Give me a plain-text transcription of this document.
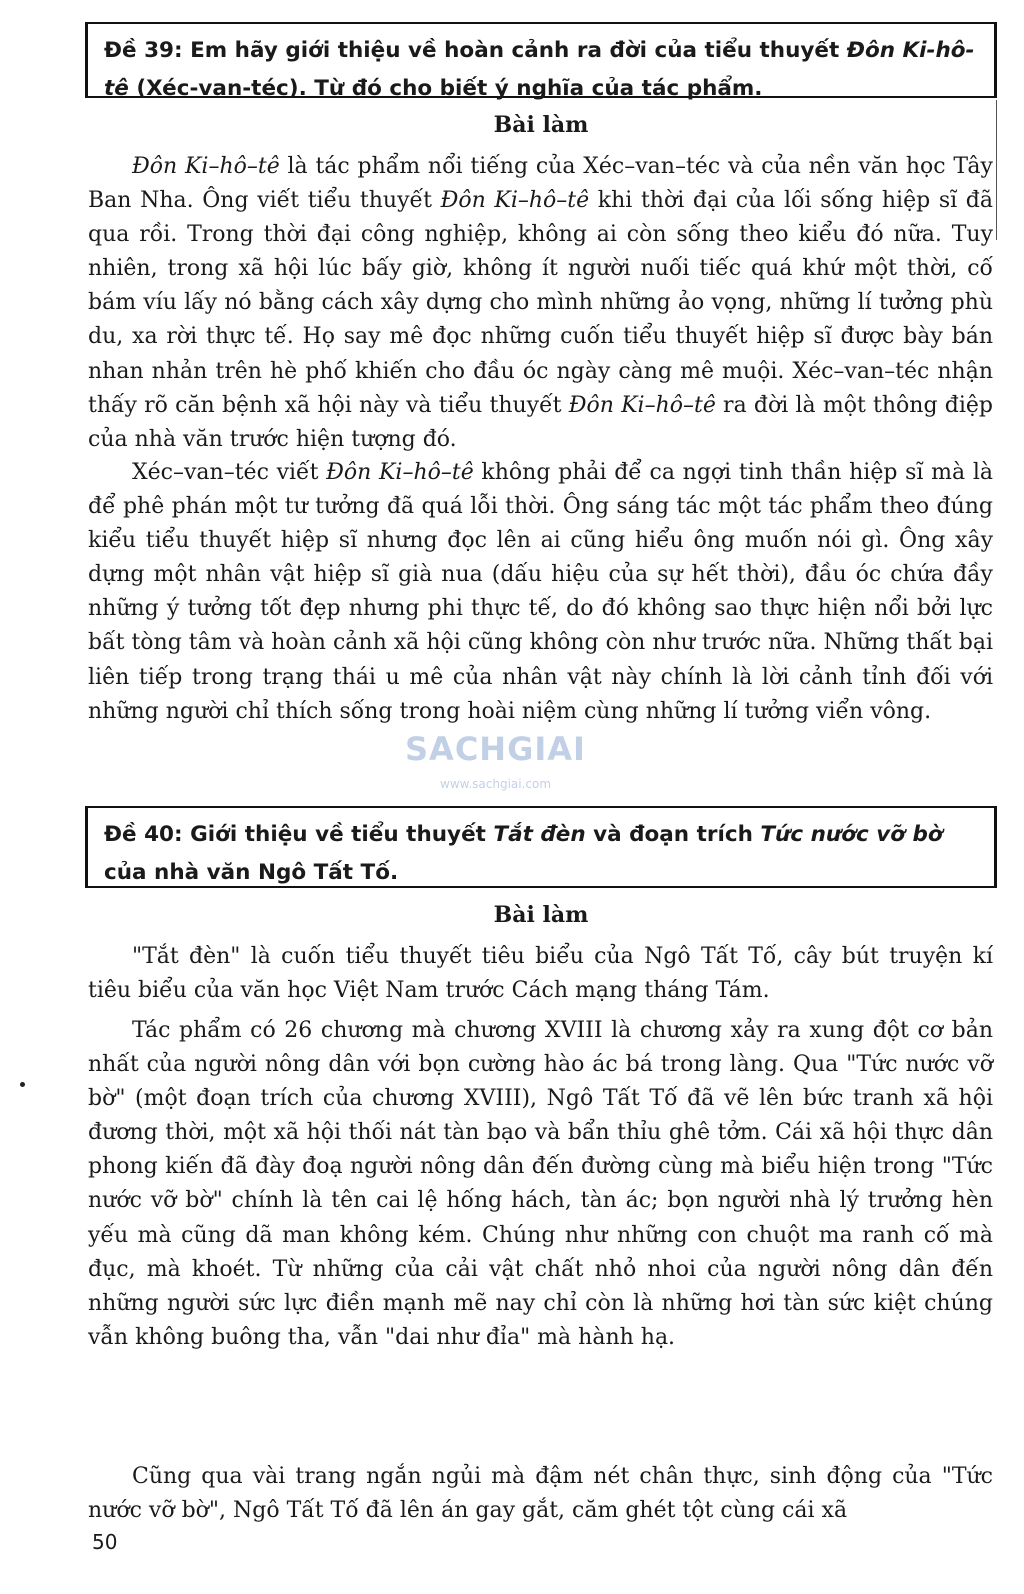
Đề 39: Em hãy giới thiệu về hoàn cảnh ra đời của tiểu thuyết Đôn Ki-hô-tê (Xéc-van-téc). Từ đó cho biết ý nghĩa của tác phẩm.
Bài làm

Đôn Ki–hô–tê là tác phẩm nổi tiếng của Xéc–van–téc và của nền văn học Tây Ban Nha. Ông viết tiểu thuyết Đôn Ki–hô–tê khi thời đại của lối sống hiệp sĩ đã qua rồi. Trong thời đại công nghiệp, không ai còn sống theo kiểu đó nữa. Tuy nhiên, trong xã hội lúc bấy giờ, không ít người nuối tiếc quá khứ một thời, cố bám víu lấy nó bằng cách xây dựng cho mình những ảo vọng, những lí tưởng phù du, xa rời thực tế. Họ say mê đọc những cuốn tiểu thuyết hiệp sĩ được bày bán nhan nhản trên hè phố khiến cho đầu óc ngày càng mê muội. Xéc–van–téc nhận thấy rõ căn bệnh xã hội này và tiểu thuyết Đôn Ki–hô–tê ra đời là một thông điệp của nhà văn trước hiện tượng đó.

Xéc–van–téc viết Đôn Ki–hô–tê không phải để ca ngợi tinh thần hiệp sĩ mà là để phê phán một tư tưởng đã quá lỗi thời. Ông sáng tác một tác phẩm theo đúng kiểu tiểu thuyết hiệp sĩ nhưng đọc lên ai cũng hiểu ông muốn nói gì. Ông xây dựng một nhân vật hiệp sĩ già nua (dấu hiệu của sự hết thời), đầu óc chứa đầy những ý tưởng tốt đẹp nhưng phi thực tế, do đó không sao thực hiện nổi bởi lực bất tòng tâm và hoàn cảnh xã hội cũng không còn như trước nữa. Những thất bại liên tiếp trong trạng thái u mê của nhân vật này chính là lời cảnh tỉnh đối với những người chỉ thích sống trong hoài niệm cùng những lí tưởng viển vông.

SACHGIAI
www.sachgiai.com
Đề 40: Giới thiệu về tiểu thuyết Tắt đèn và đoạn trích Tức nước vỡ bờ của nhà văn Ngô Tất Tố.
Bài làm

"Tắt đèn" là cuốn tiểu thuyết tiêu biểu của Ngô Tất Tố, cây bút truyện kí tiêu biểu của văn học Việt Nam trước Cách mạng tháng Tám.

Tác phẩm có 26 chương mà chương XVIII là chương xảy ra xung đột cơ bản nhất của người nông dân với bọn cường hào ác bá trong làng. Qua "Tức nước vỡ bờ" (một đoạn trích của chương XVIII), Ngô Tất Tố đã vẽ lên bức tranh xã hội đương thời, một xã hội thối nát tàn bạo và bẩn thỉu ghê tởm. Cái xã hội thực dân phong kiến đã đày đoạ người nông dân đến đường cùng mà biểu hiện trong "Tức nước vỡ bờ" chính là tên cai lệ hống hách, tàn ác; bọn người nhà lý trưởng hèn yếu mà cũng dã man không kém. Chúng như những con chuột ma ranh cố mà đục, mà khoét. Từ những của cải vật chất nhỏ nhoi của người nông dân đến những người sức lực điền mạnh mẽ nay chỉ còn là những hơi tàn sức kiệt chúng vẫn không buông tha, vẫn "dai như đỉa" mà hành hạ.

Cũng qua vài trang ngắn ngủi mà đậm nét chân thực, sinh động của "Tức nước vỡ bờ", Ngô Tất Tố đã lên án gay gắt, căm ghét tột cùng cái xã

50
